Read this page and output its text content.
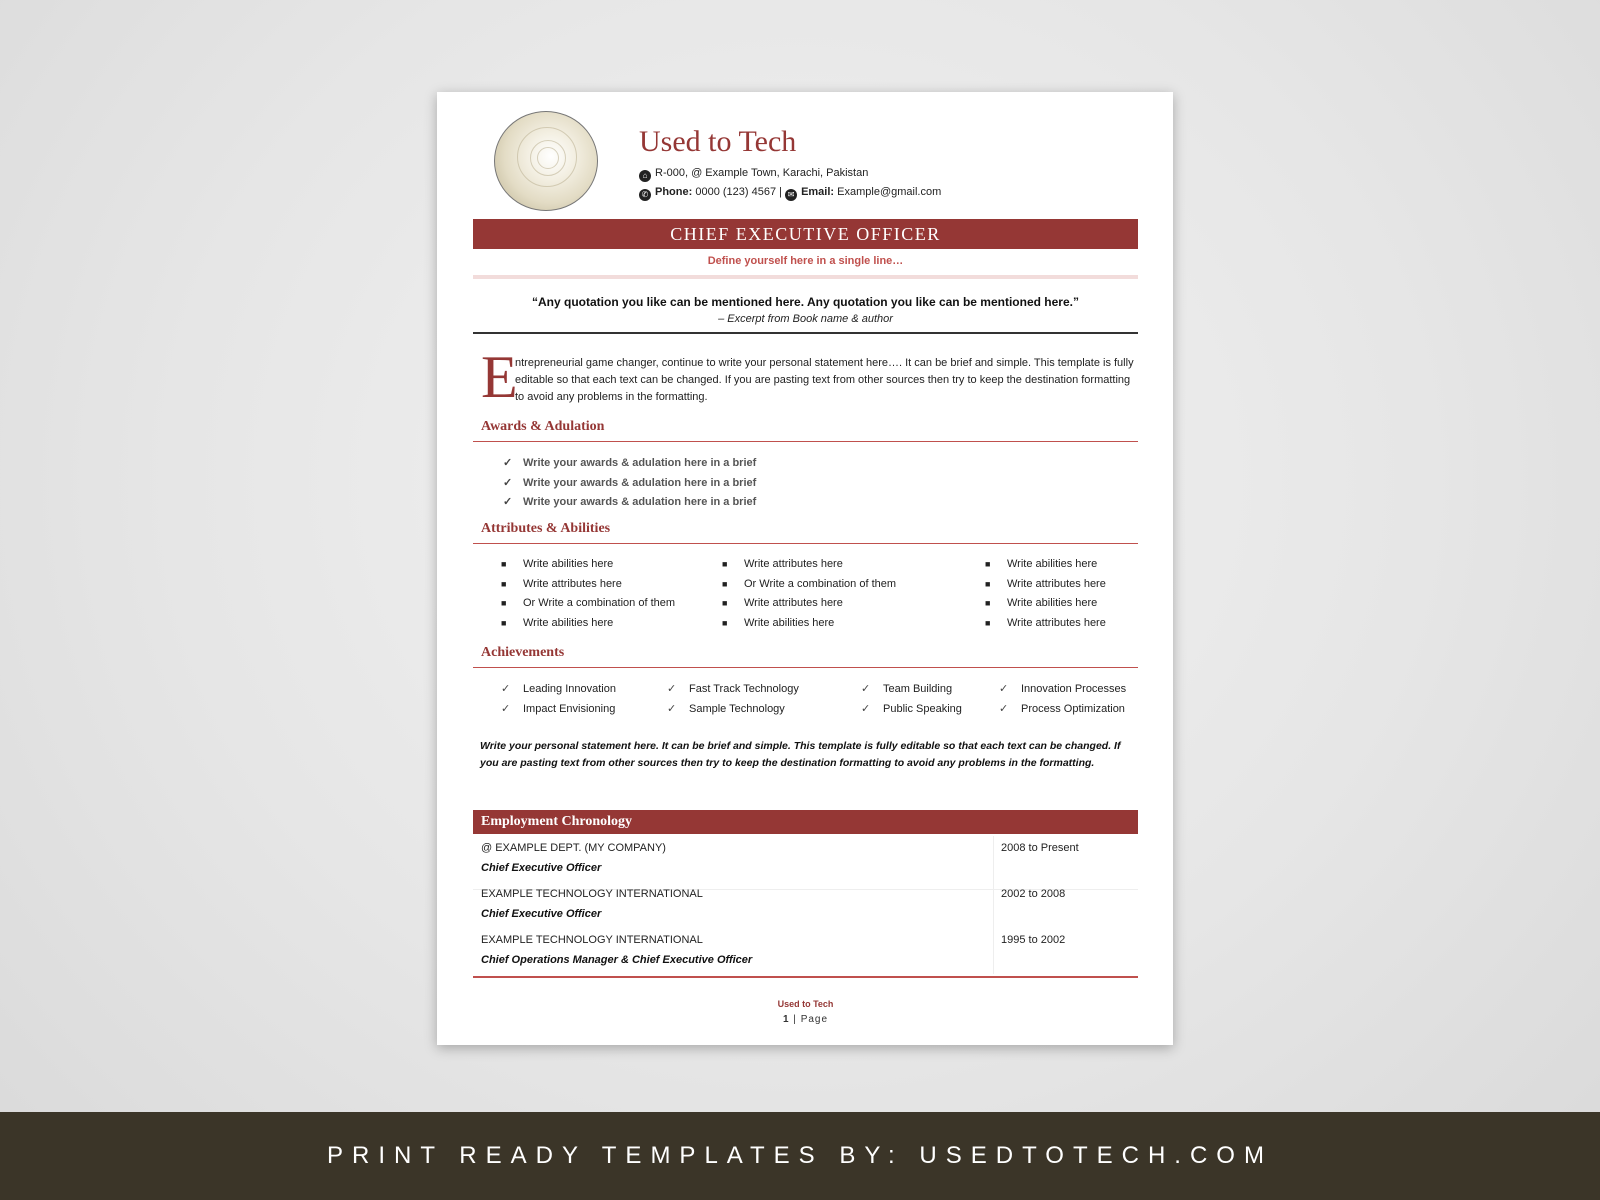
Used to Tech
⌂ R-000, @ Example Town, Karachi, Pakistan
✆ Phone: 0000 (123) 4567 | ✉ Email: Example@gmail.com
CHIEF EXECUTIVE OFFICER
Define yourself here in a single line…
“Any quotation you like can be mentioned here. Any quotation you like can be mentioned here.”
– Excerpt from Book name & author
E

ntrepreneurial game changer, continue to write your personal statement here…. It can be brief and simple. This template is fully editable so that each text can be changed. If you are pasting text from other sources then try to keep the destination formatting to avoid any problems in the formatting.

Awards & Adulation
✓ Write your awards & adulation here in a brief
✓ Write your awards & adulation here in a brief
✓ Write your awards & adulation here in a brief
Attributes & Abilities
■ Write abilities here
■ Write attributes here
■ Or Write a combination of them
■ Write abilities here
■ Write attributes here
■ Or Write a combination of them
■ Write attributes here
■ Write abilities here
■ Write abilities here
■ Write attributes here
■ Write abilities here
■ Write attributes here
Achievements
✓ Leading Innovation
✓ Impact Envisioning
✓ Fast Track Technology
✓ Sample Technology
✓ Team Building
✓ Public Speaking
✓ Innovation Processes
✓ Process Optimization

Write your personal statement here. It can be brief and simple. This template is fully editable so that each text can be changed. If you are pasting text from other sources then try to keep the destination formatting to avoid any problems in the formatting.

Employment Chronology
@ EXAMPLE DEPT. (MY COMPANY)
Chief Executive Officer
2008 to Present
EXAMPLE TECHNOLOGY INTERNATIONAL
Chief Executive Officer
2002 to 2008
EXAMPLE TECHNOLOGY INTERNATIONAL
Chief Operations Manager & Chief Executive Officer
1995 to 2002
Used to Tech
1 | Page
PRINT READY TEMPLATES BY: USEDTOTECH.COM
